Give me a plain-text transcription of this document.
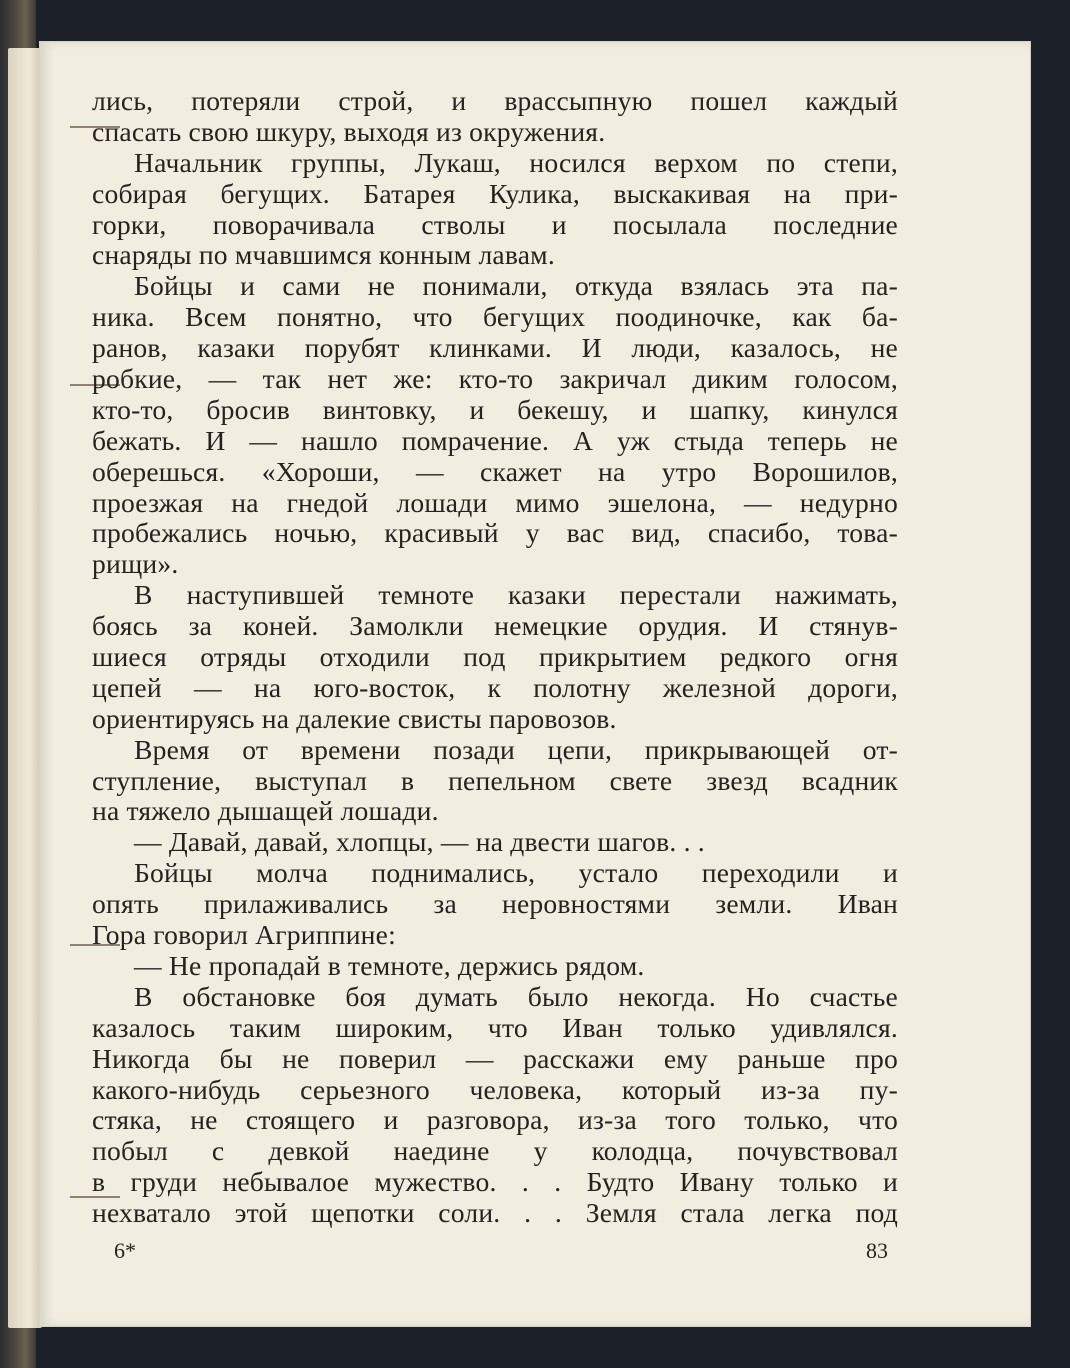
лись, потеряли строй, и врассыпную пошел каждый
спасать свою шкуру, выходя из окружения.
Начальник группы, Лукаш, носился верхом по степи,
собирая бегущих. Батарея Кулика, выскакивая на при-
горки, поворачивала стволы и посылала последние
снаряды по мчавшимся конным лавам.
Бойцы и сами не понимали, откуда взялась эта па-
ника. Всем понятно, что бегущих поодиночке, как ба-
ранов, казаки порубят клинками. И люди, казалось, не
робкие, — так нет же: кто-то закричал диким голосом,
кто-то, бросив винтовку, и бекешу, и шапку, кинулся
бежать. И — нашло помрачение. А уж стыда теперь не
оберешься. «Хороши, — скажет на утро Ворошилов,
проезжая на гнедой лошади мимо эшелона, — недурно
пробежались ночью, красивый у вас вид, спасибо, това-
рищи».
В наступившей темноте казаки перестали нажимать,
боясь за коней. Замолкли немецкие орудия. И стянув-
шиеся отряды отходили под прикрытием редкого огня
цепей — на юго-восток, к полотну железной дороги,
ориентируясь на далекие свисты паровозов.
Время от времени позади цепи, прикрывающей от-
ступление, выступал в пепельном свете звезд всадник
на тяжело дышащей лошади.
— Давай, давай, хлопцы, — на двести шагов. . .
Бойцы молча поднимались, устало переходили и
опять прилаживались за неровностями земли. Иван
Гора говорил Агриппине:
— Не пропадай в темноте, держись рядом.
В обстановке боя думать было некогда. Но счастье
казалось таким широким, что Иван только удивлялся.
Никогда бы не поверил — расскажи ему раньше про
какого-нибудь серьезного человека, который из-за пу-
стяка, не стоящего и разговора, из-за того только, что
побыл с девкой наедине у колодца, почувствовал
в груди небывалое мужество. . . Будто Ивану только и
нехватало этой щепотки соли. . . Земля стала легка под
6*	83
